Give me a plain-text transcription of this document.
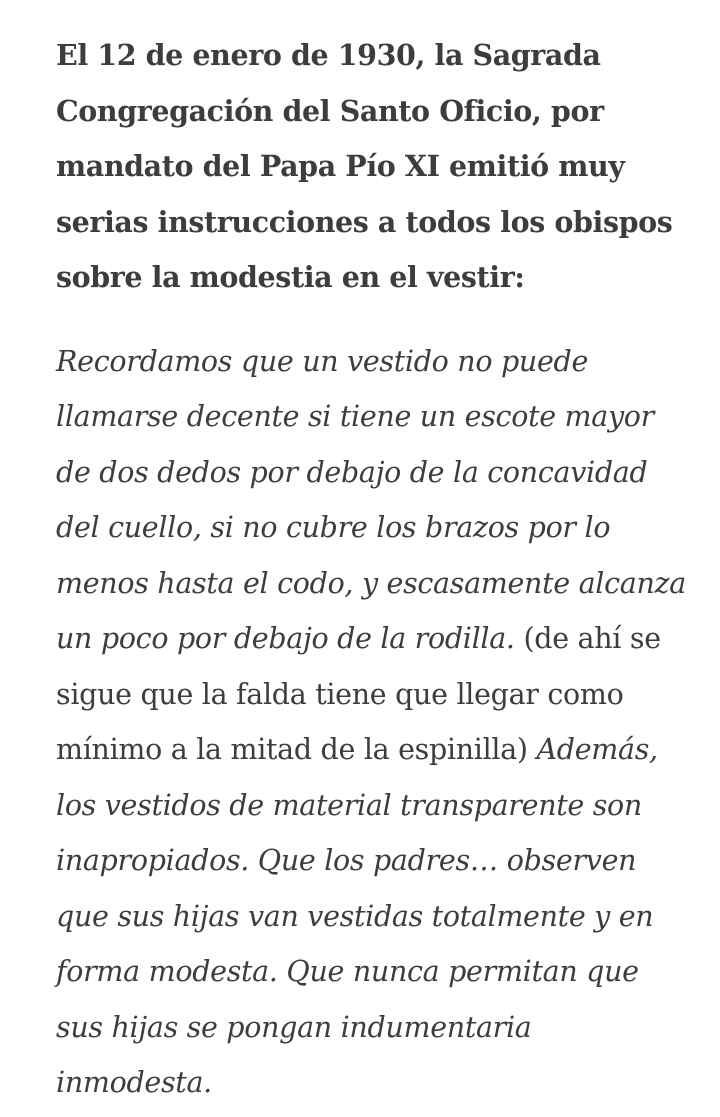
El 12 de enero de 1930, la Sagrada Congregación del Santo Oficio, por mandato del Papa Pío XI emitió muy serias instrucciones a todos los obispos sobre la modestia en el vestir:

Recordamos que un vestido no puede llamarse decente si tiene un escote mayor de dos dedos por debajo de la concavidad del cuello, si no cubre los brazos por lo menos hasta el codo, y escasamente alcanza un poco por debajo de la rodilla. (de ahí se sigue que la falda tiene que llegar como mínimo a la mitad de la espinilla) Además, los vestidos de material transparente son inapropiados. Que los padres… observen que sus hijas van vestidas totalmente y en forma modesta. Que nunca permitan que sus hijas se pongan indumentaria inmodesta.
